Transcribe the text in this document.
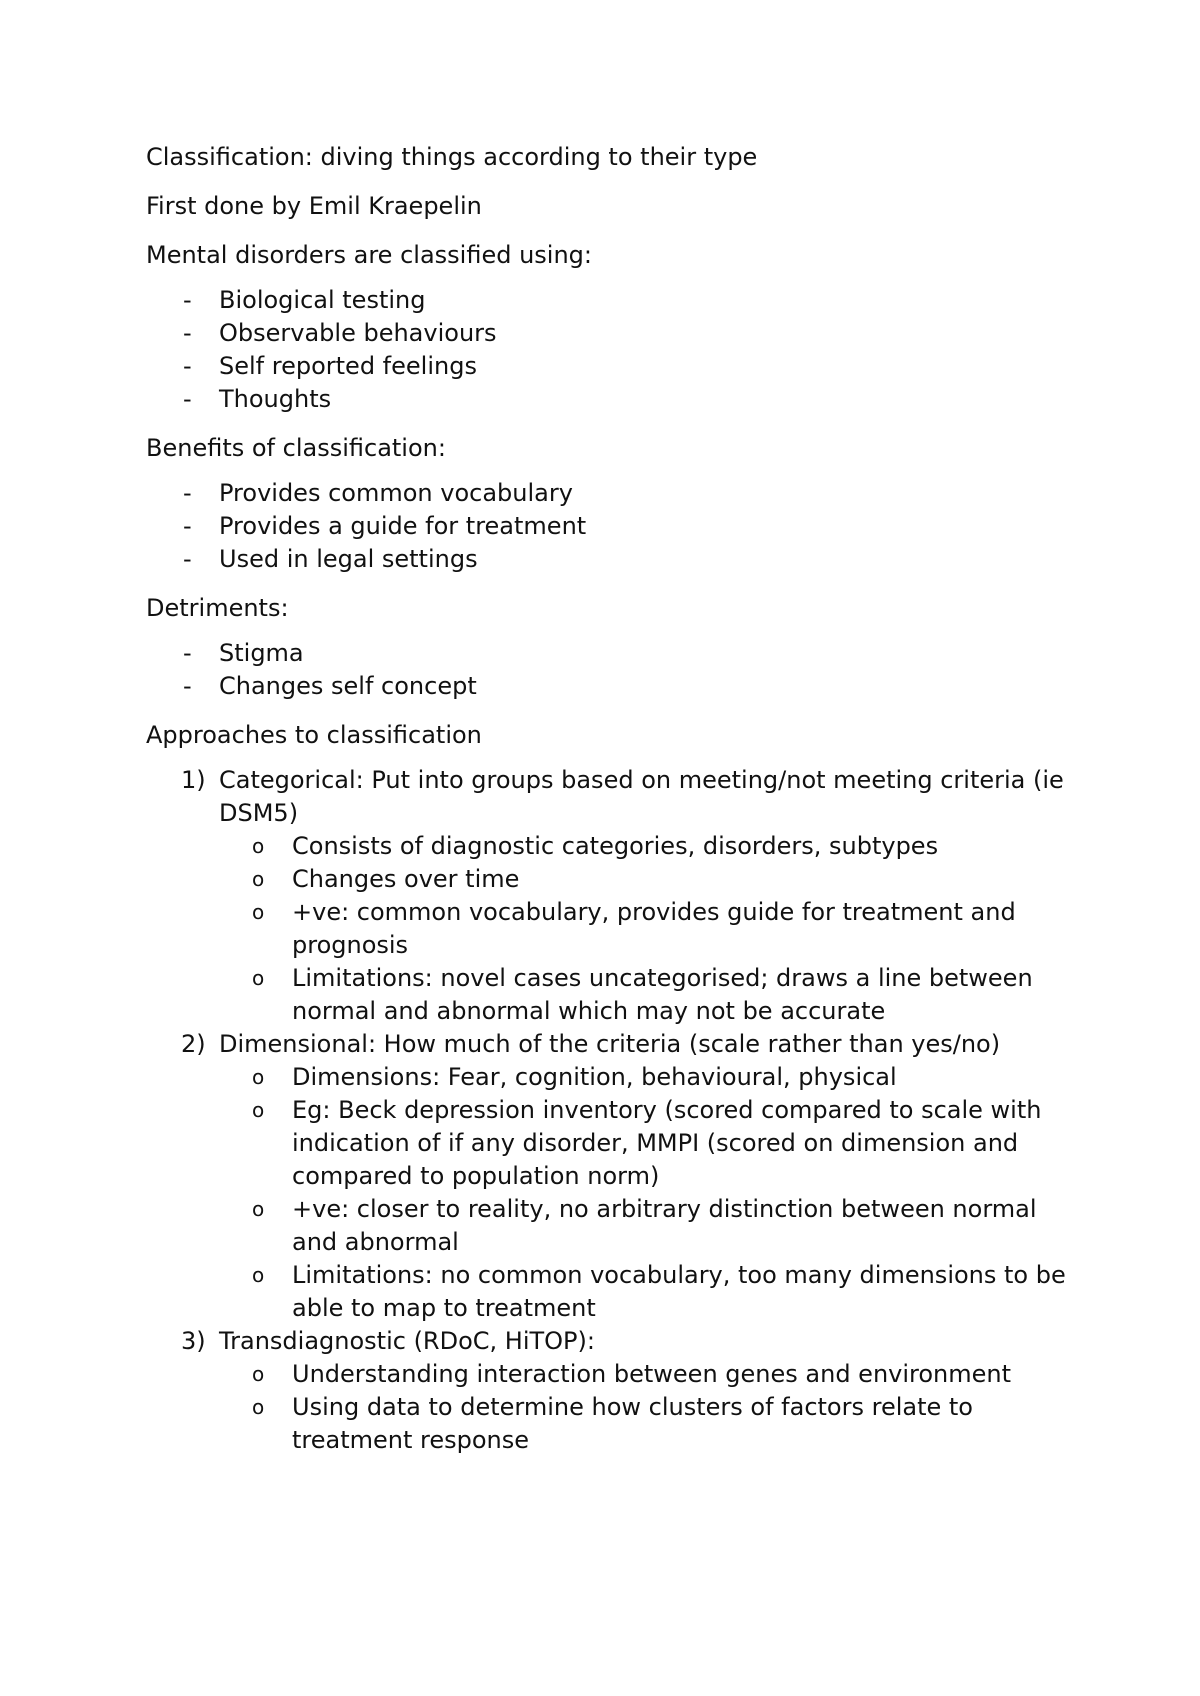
Classification: diving things according to their type

First done by Emil Kraepelin

Mental disorders are classified using:

- Biological testing
- Observable behaviours
- Self reported feelings
- Thoughts

Benefits of classification:

- Provides common vocabulary
- Provides a guide for treatment
- Used in legal settings

Detriments:

- Stigma
- Changes self concept

Approaches to classification

1) Categorical: Put into groups based on meeting/not meeting criteria (ie DSM5)
o Consists of diagnostic categories, disorders, subtypes
o Changes over time
o +ve: common vocabulary, provides guide for treatment and prognosis
o Limitations: novel cases uncategorised; draws a line between normal and abnormal which may not be accurate
2) Dimensional: How much of the criteria (scale rather than yes/no)
o Dimensions: Fear, cognition, behavioural, physical
o Eg: Beck depression inventory (scored compared to scale with indication of if any disorder, MMPI (scored on dimension and compared to population norm)
o +ve: closer to reality, no arbitrary distinction between normal and abnormal
o Limitations: no common vocabulary, too many dimensions to be able to map to treatment
3) Transdiagnostic (RDoC, HiTOP):
o Understanding interaction between genes and environment
o Using data to determine how clusters of factors relate to treatment response
